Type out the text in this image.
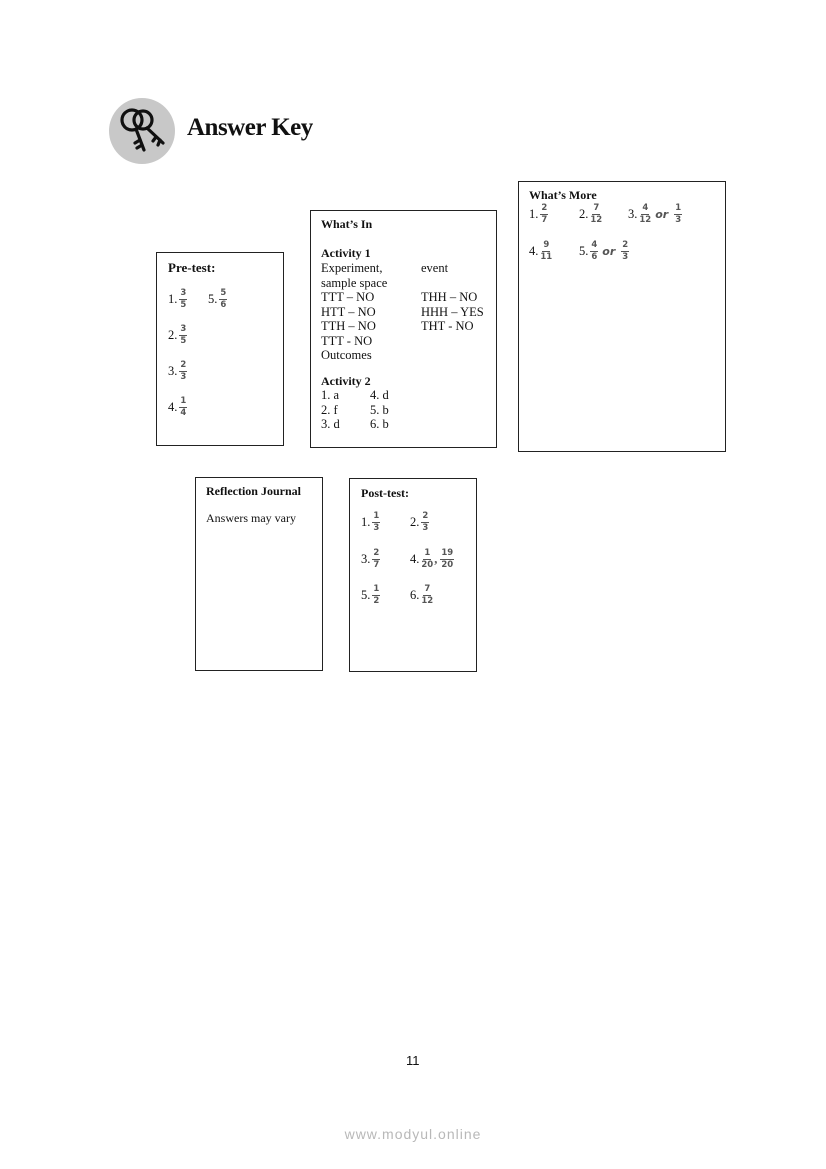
Answer Key
Pre-test:
1. $\frac{3}{5} 5$. $\frac{5}{6}$
2. $\frac{3}{5}$
3. $\frac{2}{3}$
4. $\frac{1}{4}$
What’s In
Activity 1
Experiment,
sample space
TTT – NO
HTT – NO
TTH – NO
TTT - NO
Outcomes
event
THH – NO
HHH – YES
THT - NO
Activity 2
1. a
2. f
3. d
4. d
5. b
6. b
What’s More
1. $\frac{2}{7} 2$. $\frac{7}{12} 3$. $\frac{4}{12}$ or $\frac{1}{3}$
4. $\frac{9}{11} 5$. $\frac{4}{6}$ or $\frac{2}{3}$
Reflection Journal
Answers may vary
Post-test:
1. $\frac{1}{3} 2$. $\frac{2}{3}$
3. $\frac{2}{7} 4$. $\frac{1}{20}$ , $\frac{19}{20}$
5. $\frac{1}{2} 6$. $\frac{7}{12}$
11
www.modyul.online
